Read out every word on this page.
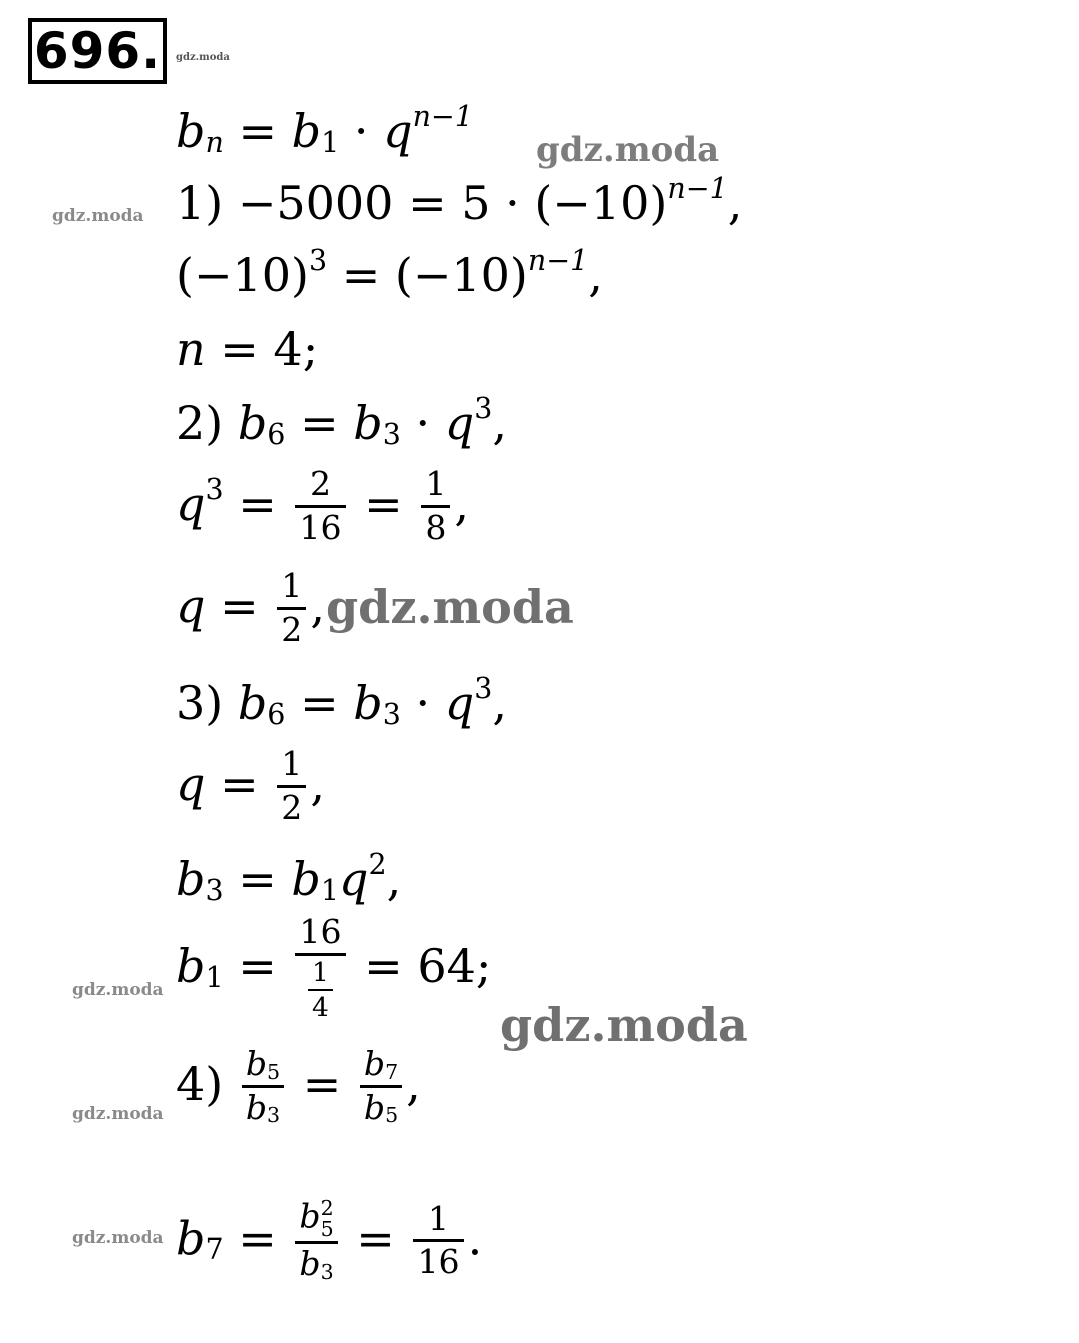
696. gdz.moda
gdz.moda
gdz.moda
gdz.moda
gdz.moda
gdz.moda
gdz.moda
gdz.moda
bn = $b1 \cdot q^{n-1}$
$1) -5000 = 5 \cdot (-10)^{n-1}$,
$(-10)^3 = (-10)^{n-1}$,
n = 4;
2) $b6 = b3 \cdot q^3$,
$q^3 = \frac{2}{16} = \frac{1}{8}$ ,
$q = \frac{1}{2}$ ,
3) $b6 = b3 \cdot q^3$,
$q = \frac{1}{2}$ ,
$b3 = b1q^2$,
$b1 = \frac{16}{\frac{1}{4}} = 64$;
$4) \frac{b5}{b3} = \frac{b7}{b5}$ ,
b7 = b 2
5
$b3 = \frac{1}{16}$ .
